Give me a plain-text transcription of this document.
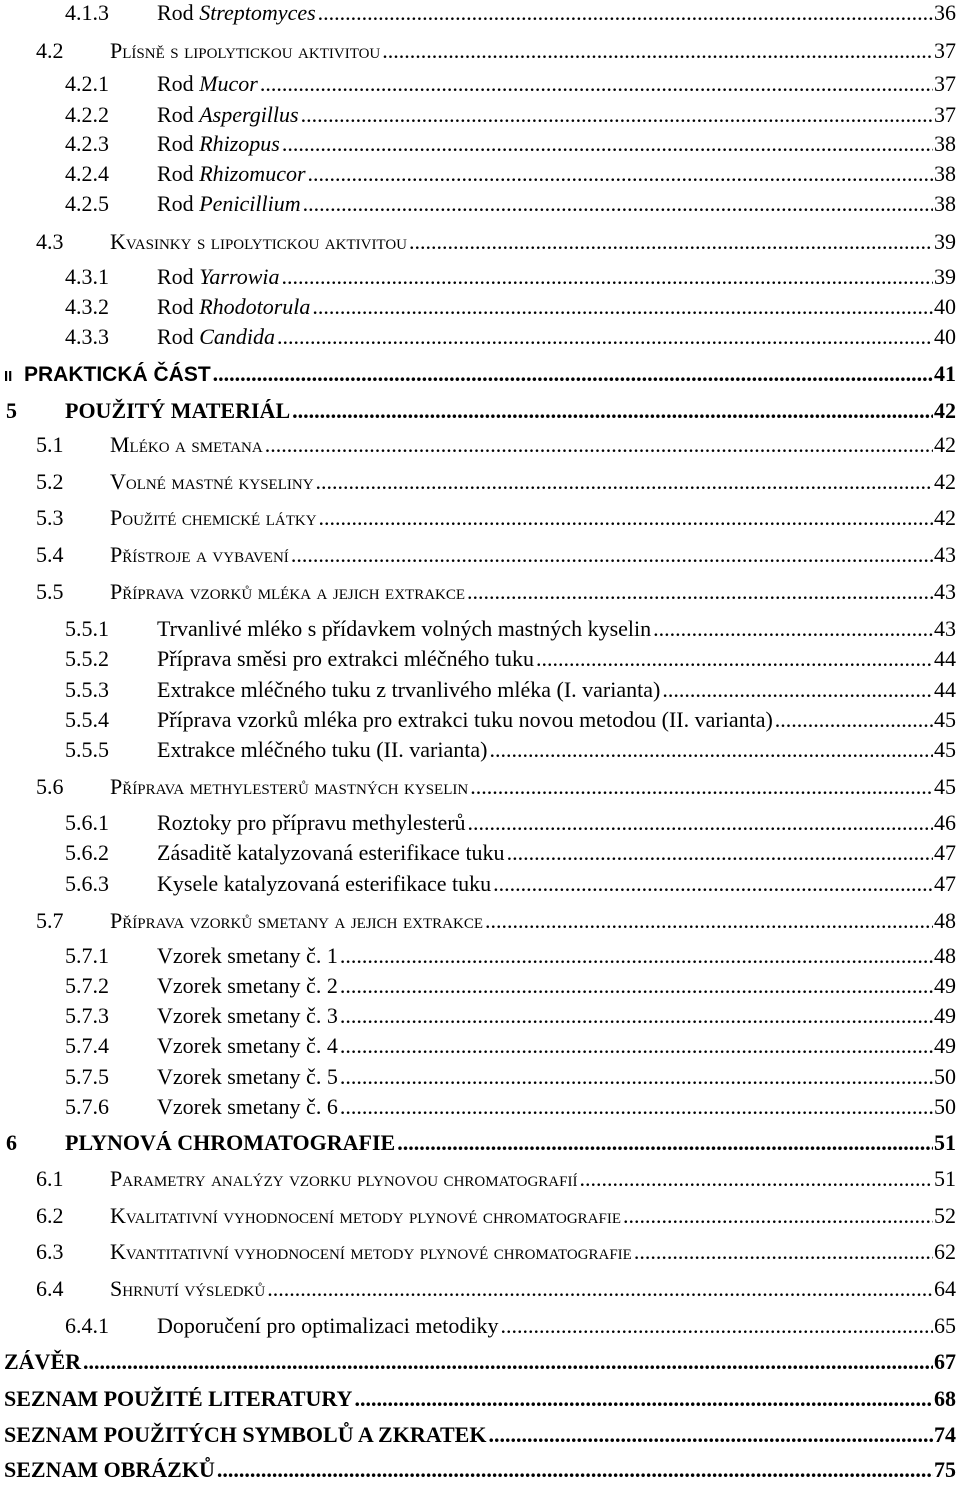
4.1.3	Rod Streptomyces .....	36
4.2	Plísně s lipolytickou aktivitou .....	37
4.2.1	Rod Mucor .....	37
4.2.2	Rod Aspergillus .....	37
4.2.3	Rod Rhizopus .....	38
4.2.4	Rod Rhizomucor .....	38
4.2.5	Rod Penicillium .....	38
4.3	Kvasinky s lipolytickou aktivitou .....	39
4.3.1	Rod Yarrowia .....	39
4.3.2	Rod Rhodotorula .....	40
4.3.3	Rod Candida .....	40
II PRAKTICKÁ ČÁST .....	41
5	POUŽITÝ MATERIÁL .....	42
5.1	Mléko a smetana .....	42
5.2	Volné mastné kyseliny .....	42
5.3	Použité chemické látky .....	42
5.4	Přístroje a vybavení .....	43
5.5	Příprava vzorků mléka a jejich extrakce .....	43
5.5.1	Trvanlivé mléko s přídavkem volných mastných kyselin .....	43
5.5.2	Příprava směsi pro extrakci mléčného tuku .....	44
5.5.3	Extrakce mléčného tuku z trvanlivého mléka (I. varianta) .....	44
5.5.4	Příprava vzorků mléka pro extrakci tuku novou metodou (II. varianta) .....	45
5.5.5	Extrakce mléčného tuku (II. varianta) .....	45
5.6	Příprava methylesterů mastných kyselin .....	45
5.6.1	Roztoky pro přípravu methylesterů .....	46
5.6.2	Zásaditě katalyzovaná esterifikace tuku .....	47
5.6.3	Kysele katalyzovaná esterifikace tuku .....	47
5.7	Příprava vzorků smetany a jejich extrakce .....	48
5.7.1	Vzorek smetany č. 1 .....	48
5.7.2	Vzorek smetany č. 2 .....	49
5.7.3	Vzorek smetany č. 3 .....	49
5.7.4	Vzorek smetany č. 4 .....	49
5.7.5	Vzorek smetany č. 5 .....	50
5.7.6	Vzorek smetany č. 6 .....	50
6	PLYNOVÁ CHROMATOGRAFIE .....	51
6.1	Parametry analýzy vzorku plynovou chromatografií .....	51
6.2	Kvalitativní vyhodnocení metody plynové chromatografie .....	52
6.3	Kvantitativní vyhodnocení metody plynové chromatografie .....	62
6.4	Shrnutí výsledků .....	64
6.4.1	Doporučení pro optimalizaci metodiky .....	65
ZÁVĚR .....	67
SEZNAM POUŽITÉ LITERATURY .....	68
SEZNAM POUŽITÝCH SYMBOLŮ A ZKRATEK .....	74
SEZNAM OBRÁZKŮ .....	75
